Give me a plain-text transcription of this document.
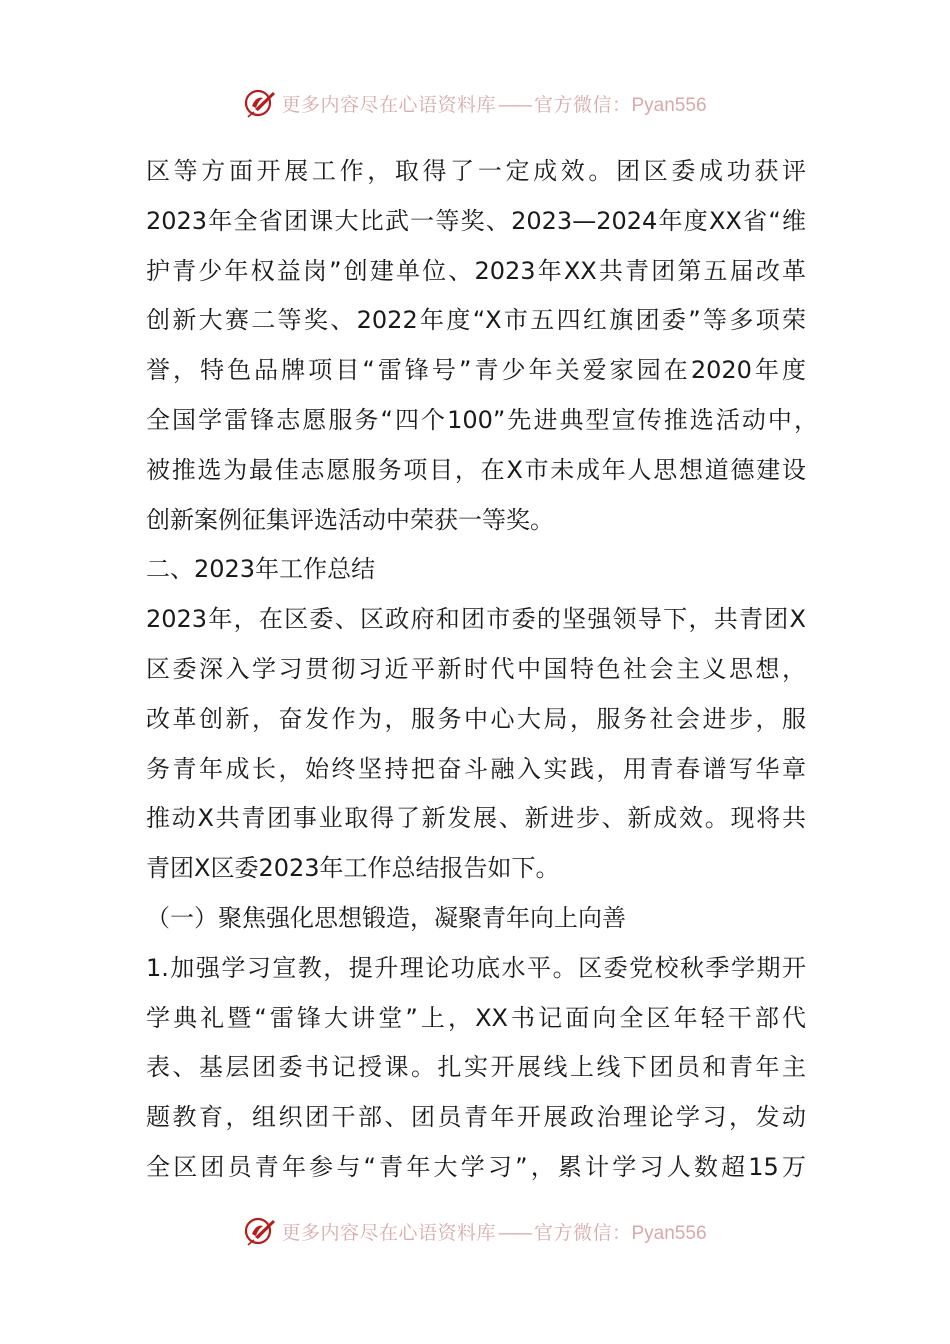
更多内容尽在心语资料库 —— 官方微信：Pyan556
区等方面开展工作，取得了一定成效。团区委成功获评
2023年全省团课大比武一等奖、2023—2024年度XX省“维
护青少年权益岗”创建单位、2023年XX共青团第五届改革
创新大赛二等奖、2022年度“X市五四红旗团委”等多项荣
誉，特色品牌项目“雷锋号”青少年关爱家园在2020年度
全国学雷锋志愿服务“四个100”先进典型宣传推选活动中，
被推选为最佳志愿服务项目，在X市未成年人思想道德建设
创新案例征集评选活动中荣获一等奖。
二、2023年工作总结
2023年，在区委、区政府和团市委的坚强领导下，共青团X
区委深入学习贯彻习近平新时代中国特色社会主义思想，
改革创新，奋发作为，服务中心大局，服务社会进步，服
务青年成长，始终坚持把奋斗融入实践，用青春谱写华章
推动X共青团事业取得了新发展、新进步、新成效。现将共
青团X区委2023年工作总结报告如下。
（一）聚焦强化思想锻造，凝聚青年向上向善
1.加强学习宣教，提升理论功底水平。区委党校秋季学期开
学典礼暨“雷锋大讲堂”上，XX书记面向全区年轻干部代
表、基层团委书记授课。扎实开展线上线下团员和青年主
题教育，组织团干部、团员青年开展政治理论学习，发动
全区团员青年参与“青年大学习”，累计学习人数超15万
更多内容尽在心语资料库 —— 官方微信：Pyan556
